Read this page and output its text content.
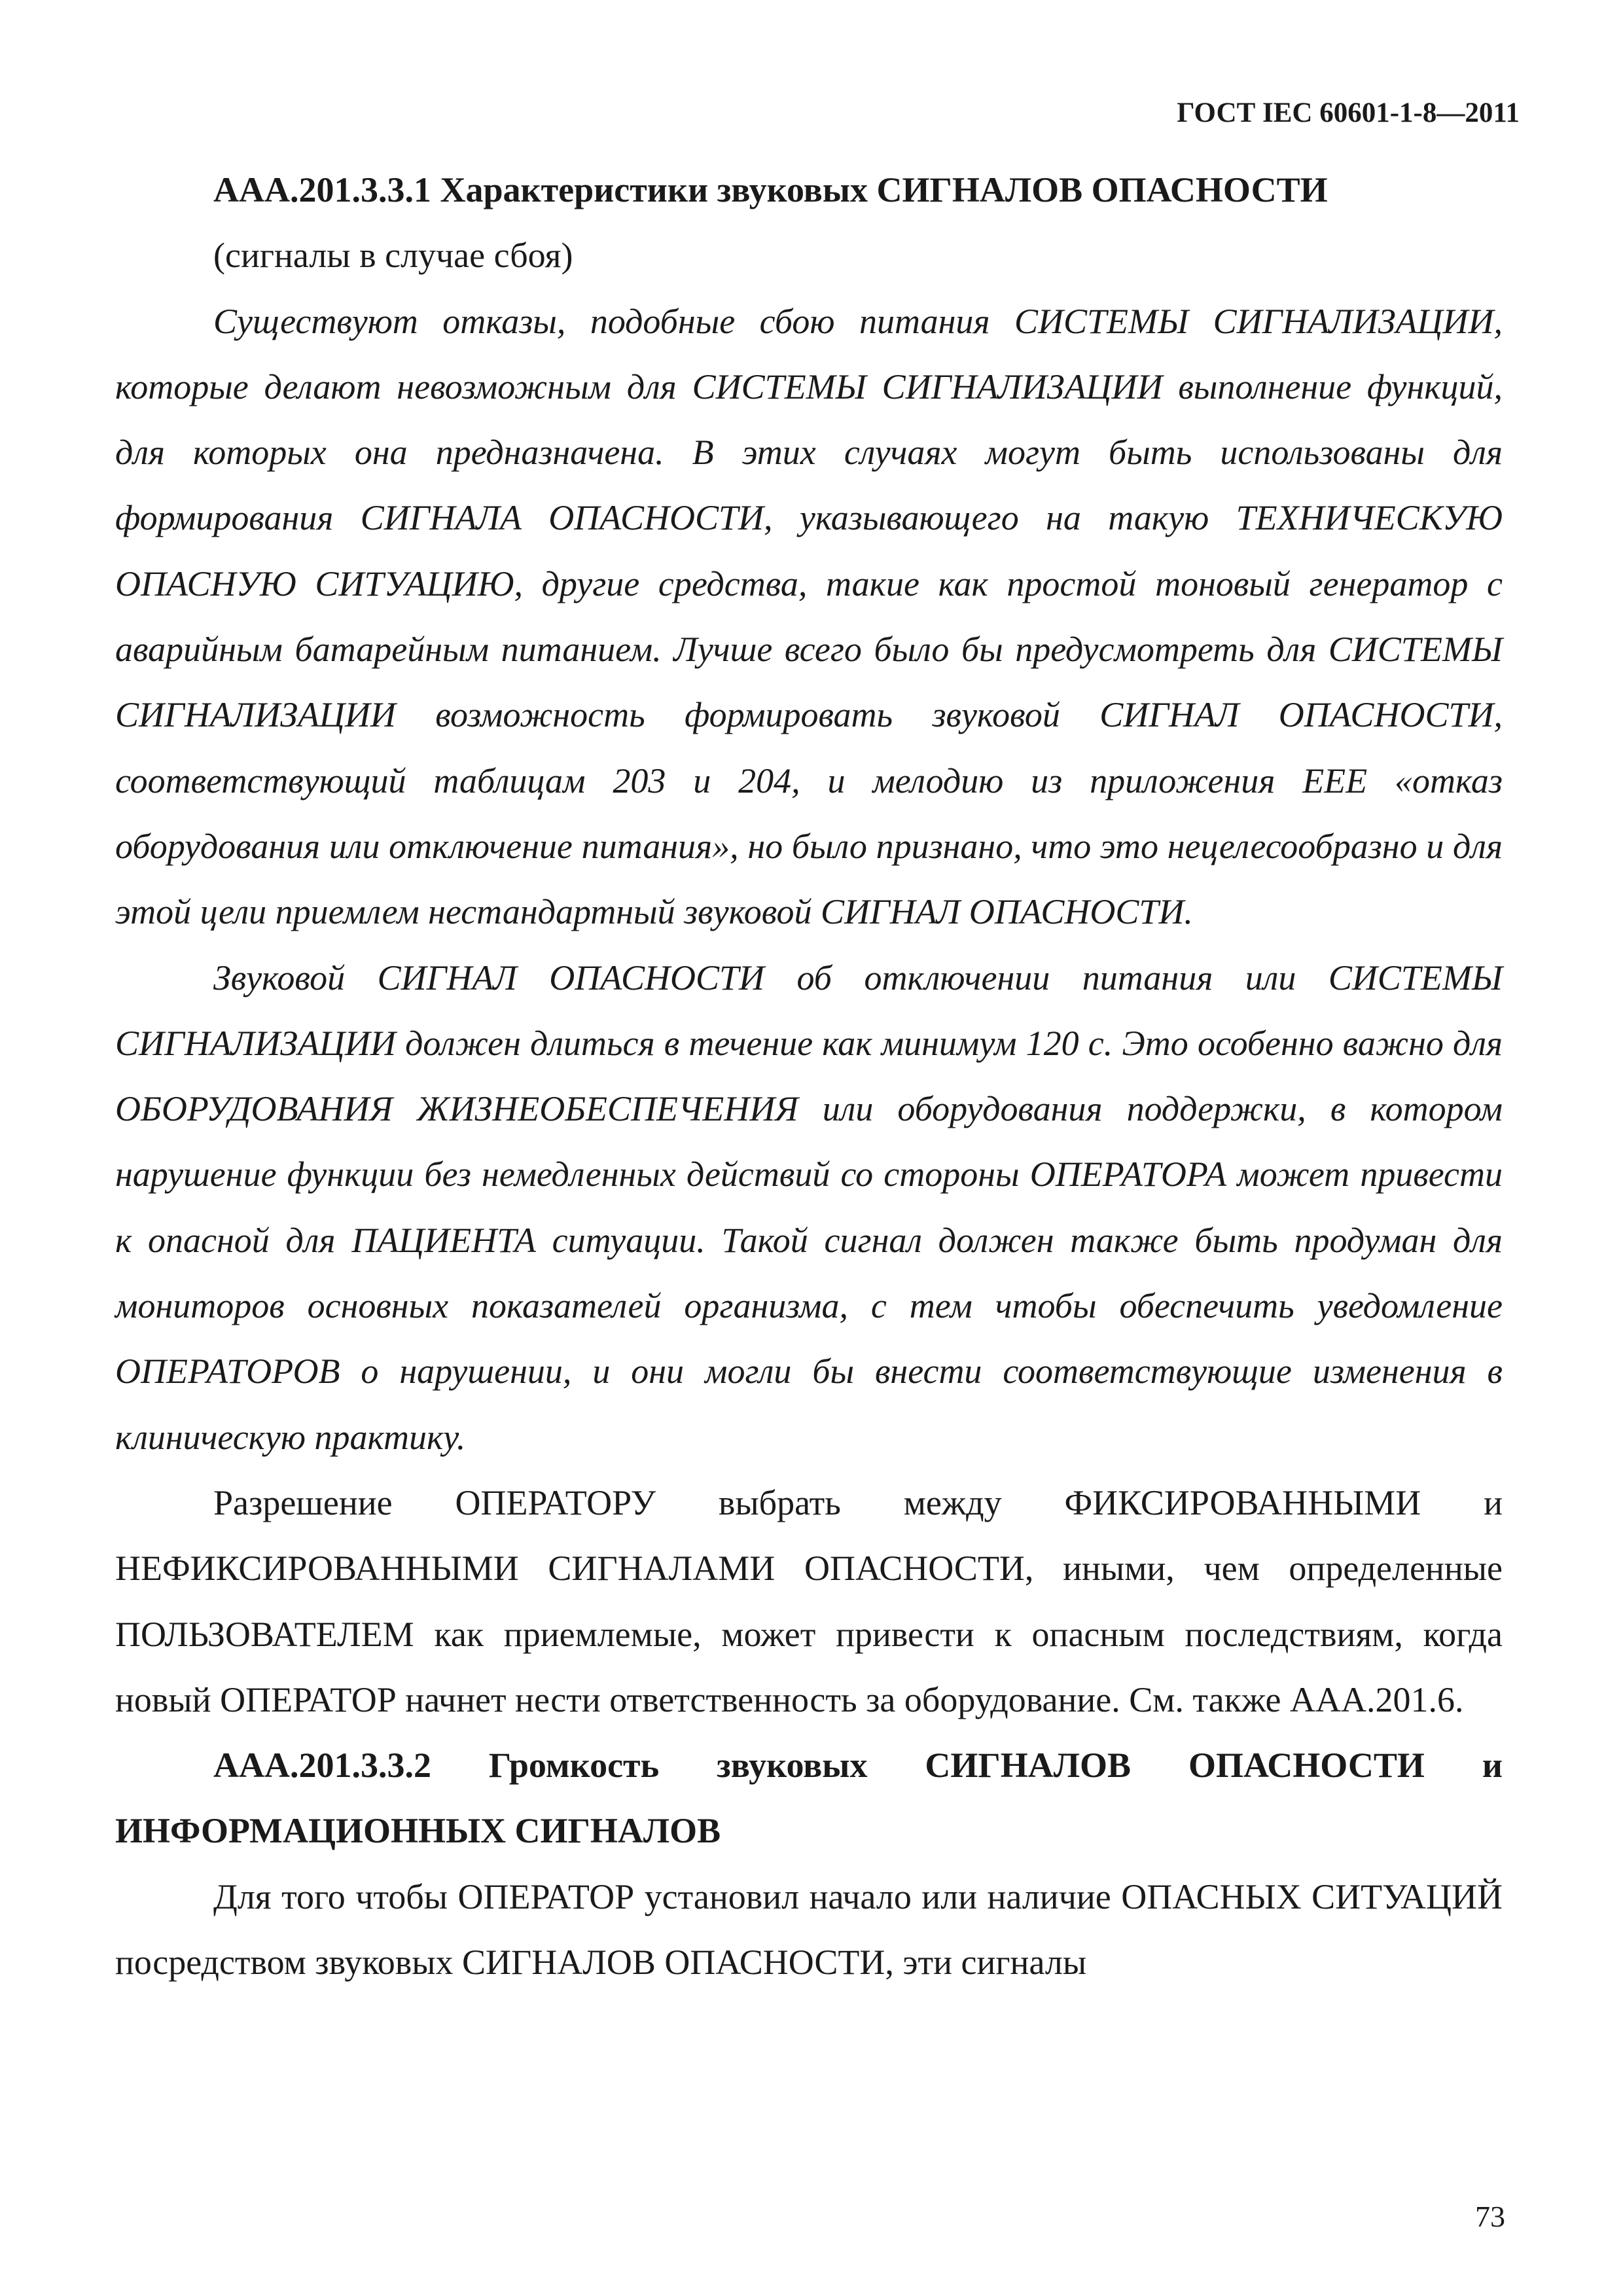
ГОСТ IEC 60601-1-8—2011

ААА.201.3.3.1 Характеристики звуковых СИГНАЛОВ ОПАСНОСТИ

(сигналы в случае сбоя)

Существуют отказы, подобные сбою питания СИСТЕМЫ СИГНАЛИЗАЦИИ, которые делают невозможным для СИСТЕМЫ СИГНАЛИЗАЦИИ выполнение функций, для которых она предназначена. В этих случаях могут быть использованы для формирования СИГНАЛА ОПАСНОСТИ, указывающего на такую ТЕХНИЧЕСКУЮ ОПАСНУЮ СИТУАЦИЮ, другие средства, такие как простой тоновый генератор с аварийным батарейным питанием. Лучше всего было бы предусмотреть для СИСТЕМЫ СИГНАЛИЗАЦИИ возможность формировать звуковой СИГНАЛ ОПАСНОСТИ, соответствующий таблицам 203 и 204, и мелодию из приложения ЕЕЕ «отказ оборудования или отключение питания», но было признано, что это нецелесообразно и для этой цели приемлем нестандартный звуковой СИГНАЛ ОПАСНОСТИ.

Звуковой СИГНАЛ ОПАСНОСТИ об отключении питания или СИСТЕМЫ СИГНАЛИЗАЦИИ должен длиться в течение как минимум 120 с. Это особенно важно для ОБОРУДОВАНИЯ ЖИЗНЕОБЕСПЕЧЕНИЯ или оборудования поддержки, в котором нарушение функции без немедленных действий со стороны ОПЕРАТОРА может привести к опасной для ПАЦИЕНТА ситуации. Такой сигнал должен также быть продуман для мониторов основных показателей организма, с тем чтобы обеспечить уведомление ОПЕРАТОРОВ о нарушении, и они могли бы внести соответствующие изменения в клиническую практику.

Разрешение ОПЕРАТОРУ выбрать между ФИКСИРОВАННЫМИ и НЕФИКСИРОВАННЫМИ СИГНАЛАМИ ОПАСНОСТИ, иными, чем определенные ПОЛЬЗОВАТЕЛЕМ как приемлемые, может привести к опасным последствиям, когда новый ОПЕРАТОР начнет нести ответственность за оборудование. См. также ААА.201.6.

ААА.201.3.3.2 Громкость звуковых СИГНАЛОВ ОПАСНОСТИ и ИНФОРМАЦИОННЫХ СИГНАЛОВ

Для того чтобы ОПЕРАТОР установил начало или наличие ОПАСНЫХ СИТУАЦИЙ посредством звуковых СИГНАЛОВ ОПАСНОСТИ, эти сигналы

73
